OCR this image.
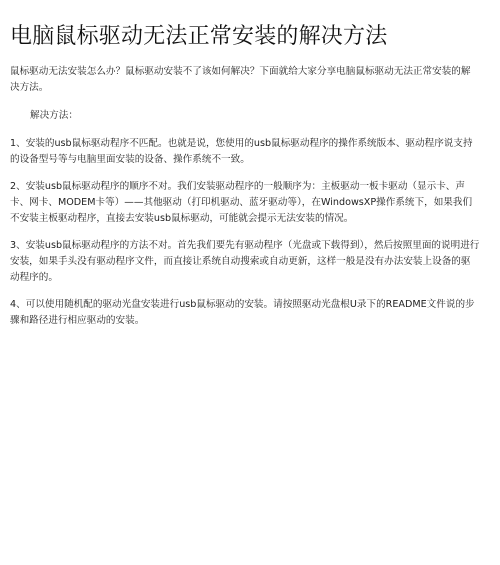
电脑鼠标驱动无法正常安装的解决方法

鼠标驱动无法安装怎么办？鼠标驱动安装不了该如何解决？下面就给大家分享电脑鼠标驱动无法正常安装的解决方法。

解决方法：

1、安装的usb鼠标驱动程序不匹配。也就是说，您使用的usb鼠标驱动程序的操作系统版本、驱动程序说支持的设备型号等与电脑里面安装的设备、操作系统不一致。

2、安装usb鼠标驱动程序的顺序不对。我们安装驱动程序的一般顺序为：主板驱动一板卡驱动（显示卡、声卡、网卡、MODEM卡等）——其他驱动（打印机驱动、蓝牙驱动等），在WindowsXP操作系统下，如果我们不安装主板驱动程序，直接去安装usb鼠标驱动，可能就会提示无法安装的情况。

3、安装usb鼠标驱动程序的方法不对。首先我们要先有驱动程序（光盘或下载得到），然后按照里面的说明进行安装，如果手头没有驱动程序文件，而直接让系统自动搜索或自动更新，这样一般是没有办法安装上设备的驱动程序的。

4、可以使用随机配的驱动光盘安装进行usb鼠标驱动的安装。请按照驱动光盘根U录下的README文件说的步骤和路径进行相应驱动的安装。
